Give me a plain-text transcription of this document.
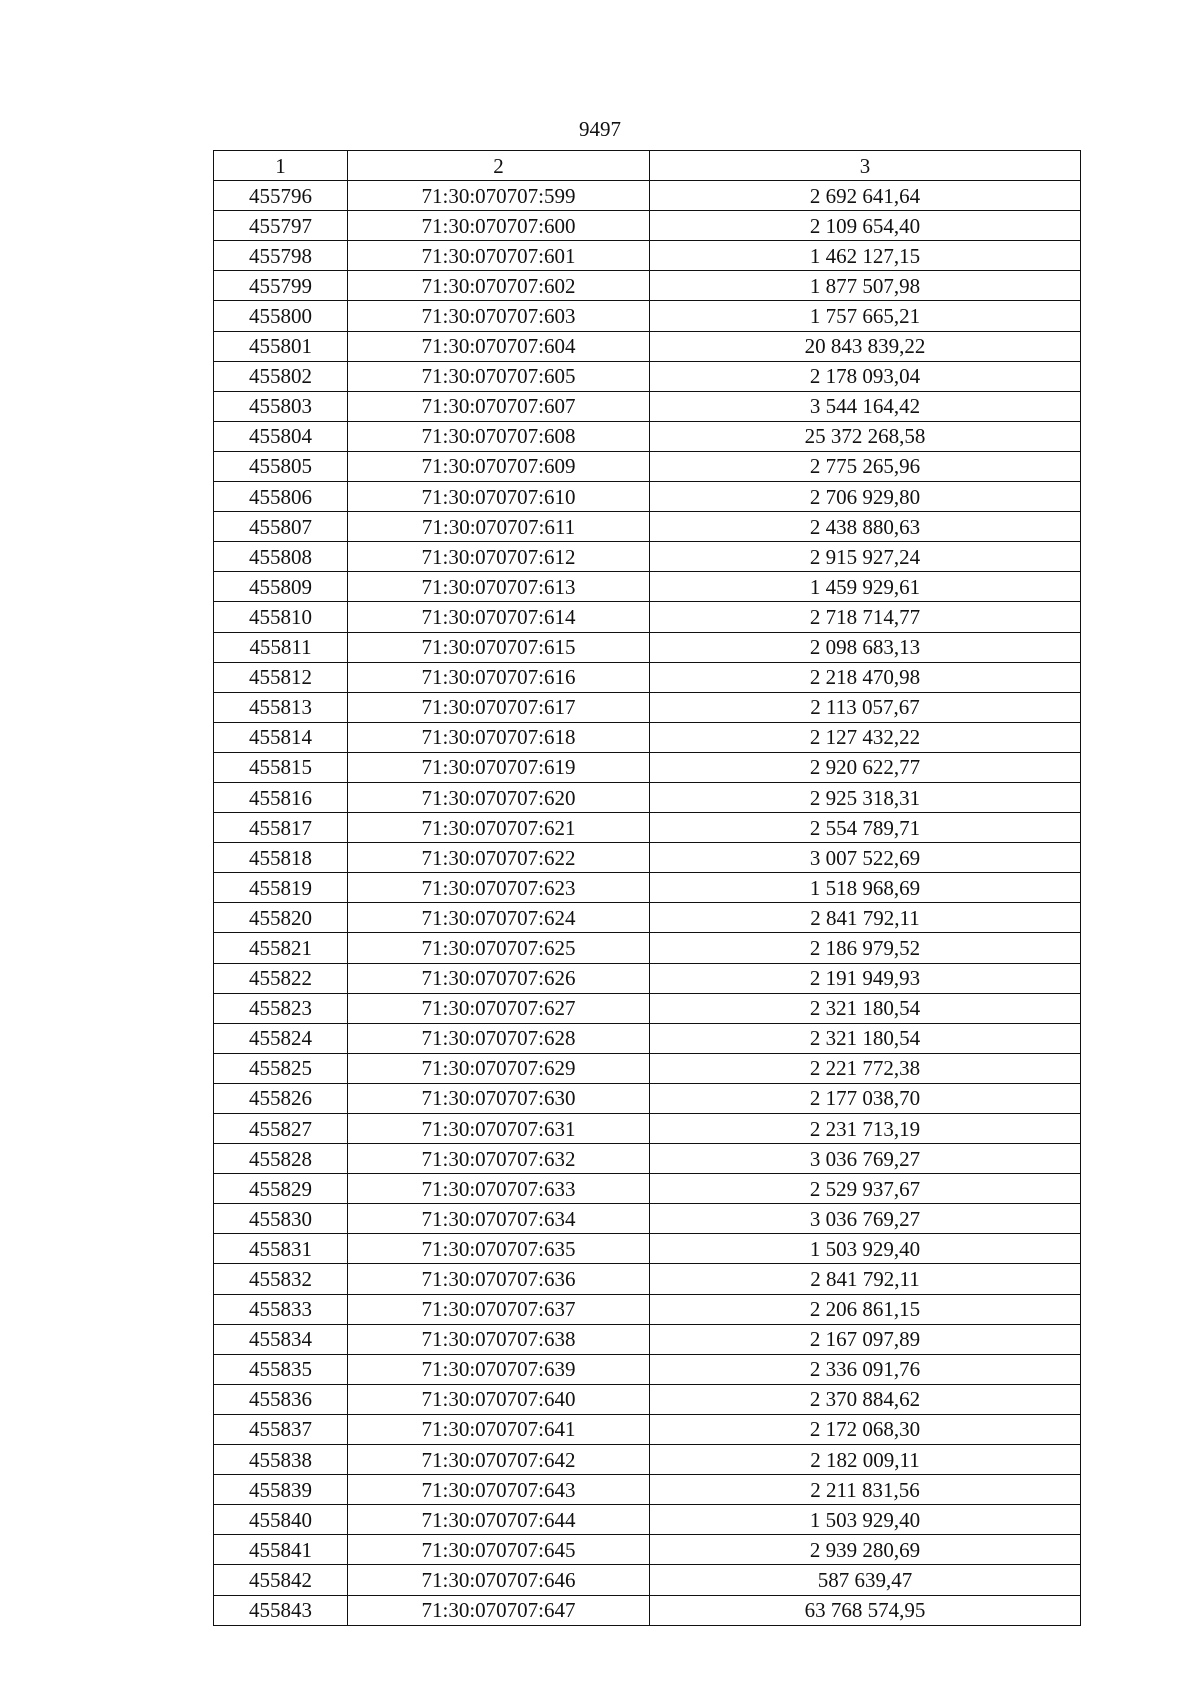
9497
1	2	3
455796	71:30:070707:599	2 692 641,64
455797	71:30:070707:600	2 109 654,40
455798	71:30:070707:601	1 462 127,15
455799	71:30:070707:602	1 877 507,98
455800	71:30:070707:603	1 757 665,21
455801	71:30:070707:604	20 843 839,22
455802	71:30:070707:605	2 178 093,04
455803	71:30:070707:607	3 544 164,42
455804	71:30:070707:608	25 372 268,58
455805	71:30:070707:609	2 775 265,96
455806	71:30:070707:610	2 706 929,80
455807	71:30:070707:611	2 438 880,63
455808	71:30:070707:612	2 915 927,24
455809	71:30:070707:613	1 459 929,61
455810	71:30:070707:614	2 718 714,77
455811	71:30:070707:615	2 098 683,13
455812	71:30:070707:616	2 218 470,98
455813	71:30:070707:617	2 113 057,67
455814	71:30:070707:618	2 127 432,22
455815	71:30:070707:619	2 920 622,77
455816	71:30:070707:620	2 925 318,31
455817	71:30:070707:621	2 554 789,71
455818	71:30:070707:622	3 007 522,69
455819	71:30:070707:623	1 518 968,69
455820	71:30:070707:624	2 841 792,11
455821	71:30:070707:625	2 186 979,52
455822	71:30:070707:626	2 191 949,93
455823	71:30:070707:627	2 321 180,54
455824	71:30:070707:628	2 321 180,54
455825	71:30:070707:629	2 221 772,38
455826	71:30:070707:630	2 177 038,70
455827	71:30:070707:631	2 231 713,19
455828	71:30:070707:632	3 036 769,27
455829	71:30:070707:633	2 529 937,67
455830	71:30:070707:634	3 036 769,27
455831	71:30:070707:635	1 503 929,40
455832	71:30:070707:636	2 841 792,11
455833	71:30:070707:637	2 206 861,15
455834	71:30:070707:638	2 167 097,89
455835	71:30:070707:639	2 336 091,76
455836	71:30:070707:640	2 370 884,62
455837	71:30:070707:641	2 172 068,30
455838	71:30:070707:642	2 182 009,11
455839	71:30:070707:643	2 211 831,56
455840	71:30:070707:644	1 503 929,40
455841	71:30:070707:645	2 939 280,69
455842	71:30:070707:646	587 639,47
455843	71:30:070707:647	63 768 574,95
